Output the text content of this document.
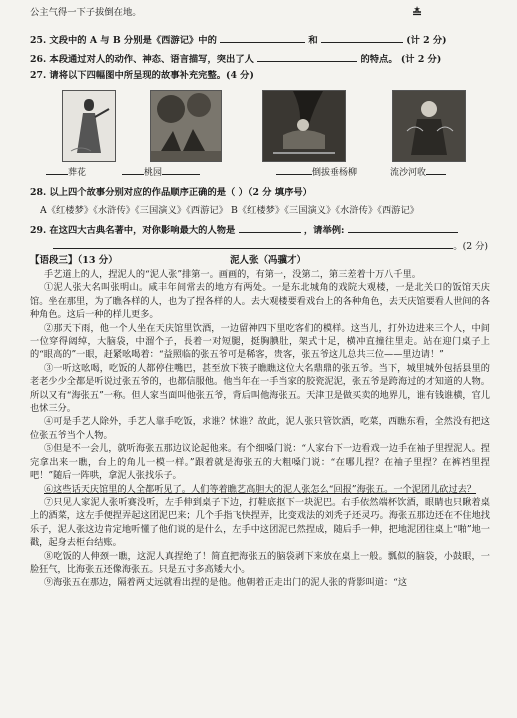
公主气得一下子拔倒在地。	≛
25. 文段中的 A 与 B 分别是《西游记》中的	和	(计 2 分)
26. 本段通过对人的动作、神态、语言描写，突出了人	的特点。 (计 2 分)
27. 请将以下四幅图中所呈现的故事补充完整。(4 分)
葬花	桃园	倒拔垂杨柳	流沙河收
28. 以上四个故事分别对应的作品顺序正确的是（ ）（2 分 填序号）
A《红楼梦》《水浒传》《三国演义》《西游记》 B《红楼梦》《三国演义》《水浒传》《西游记》
29. 在这四大古典名著中，对你影响最大的人物是	，请举例:
。(2 分)
【语段三】（13 分）	泥人张（冯骥才）

手艺道上的人，捏泥人的“泥人张”排第一。画画的，有第一，没第二，第三差着十万八千里。

①泥人张大名叫张明山。咸丰年间常去的地方有两处。一是东北城角的戏院大观楼，一是北关口的饭馆天庆馆。坐在那里，为了瞧各样的人，也为了捏各样的人。去大观楼要看戏台上的各种角色，去天庆馆要看人世间的各种角色。这后一种的样儿更多。

②那天下雨，他一个人坐在天庆馆里饮酒，一边留神四下里吃客们的模样。这当儿，打外边进来三个人，中间一位穿得阔绰，大脑袋，中溜个子，長着一对短腿，挺胸腆肚，架式十足，横冲直撞往里走。站在迎门桌子上的“眼高的”一眼，赶紧吆喝着：“益照临的张五爷可是稀客，贵客，张五爷这儿总共三位——里边请！”

③一听这吆喝，吃饭的人都停住嘴巴，甚至放下筷子瞧瞧这位大名鼎鼎的张五爷。当下，城里城外包括县里的老老少少全都是听说过张五爷的，也都信服他。他当年在一手当家的胶瓷泥泥，张五爷是跨海过的才知道的人物。所以又有“海张五”一称。但人家当面叫他张五爷，背后叫他海张五。天津卫是做买卖的地界儿，谁有钱谁横，官儿也怵三分。

④可是手艺人除外，手艺人靠手吃饭，求谁？怵谁？故此，泥人张只管饮酒，吃菜，西瞧东看，全然没有把这位张五爷当个人物。

⑤但是不一会儿，就听海张五那边议论起他来。有个细嗓门说：“人家台下一边看戏一边手在袖子里捏泥人。捏完拿出来一瞧，台上的角儿一模一样。”跟着就是海张五的大粗嗓门说：“在哪儿捏？在袖子里捏？在裤裆里捏吧！”随后一阵哄，拿泥人张找乐子。

⑥这些话天庆馆里的人全都听见了。人们等着瞧艺高胆大的泥人张怎么“回报”海张五。一个泥团儿砍过去？

⑦只见人家泥人张听赛没听，左手伸到桌子下边，打鞋底抠下一块泥巴。右手依然端杯饮酒，眼睛也只瞅着桌上的酒菜，这左手便捏弄起这团泥巴来；几个手指飞快捏弄，比变戏法的刘秃子还灵巧。海张五那边还在不住地找乐子，泥人张这边肯定地听懂了他们说的是什么，左手中这团泥已然捏成，随后手一伸，把地泥团往桌上“啪”地一戳，起身去柜台结账。

⑧吃饭的人伸颈一瞧，这泥人真捏绝了！简直把海张五的脑袋剥下来放在桌上一般。瓢似的脑袋，小鼓眼，一脸狂气，比海张五还像海张五。只是五寸多高矮大小。

⑨海张五在那边，隔着两丈远就看出捏的是他。他朝着正走出门的泥人张的背影叫道：“这
